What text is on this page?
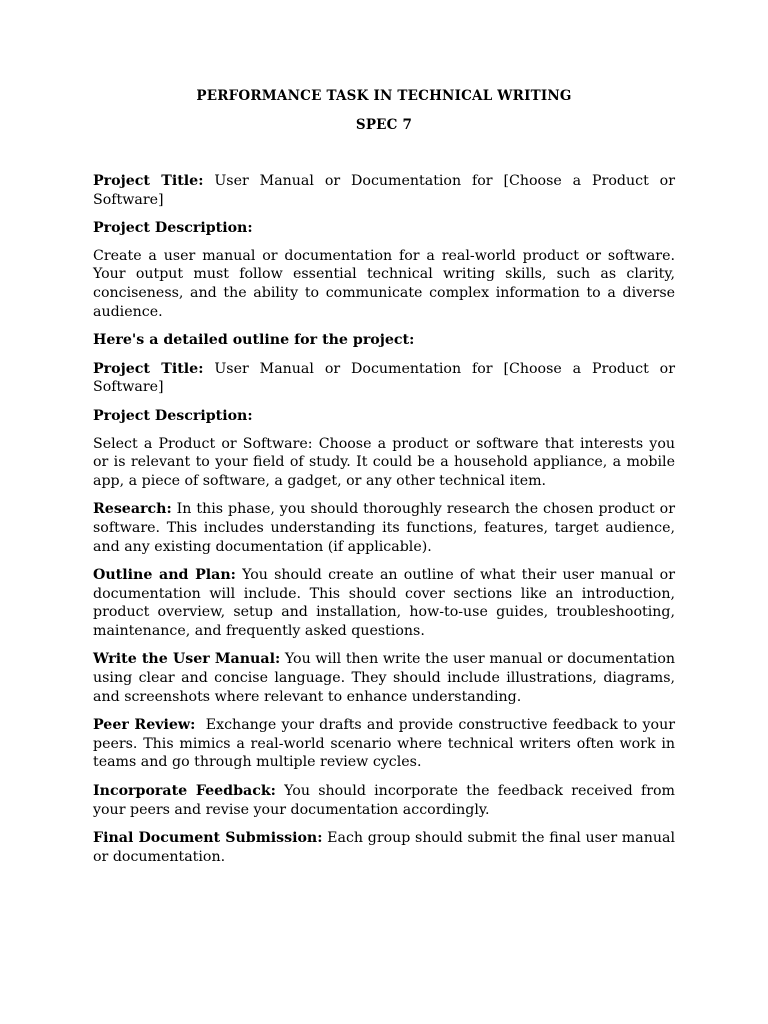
PERFORMANCE TASK IN TECHNICAL WRITING
SPEC 7

Project Title: User Manual or Documentation for [Choose a Product or Software]

Project Description:

Create a user manual or documentation for a real-world product or software. Your output must follow essential technical writing skills, such as clarity, conciseness, and the ability to communicate complex information to a diverse audience.

Here's a detailed outline for the project:

Project Title: User Manual or Documentation for [Choose a Product or Software]

Project Description:

Select a Product or Software: Choose a product or software that interests you or is relevant to your field of study. It could be a household appliance, a mobile app, a piece of software, a gadget, or any other technical item.

Research: In this phase, you should thoroughly research the chosen product or software. This includes understanding its functions, features, target audience, and any existing documentation (if applicable).

Outline and Plan: You should create an outline of what their user manual or documentation will include. This should cover sections like an introduction, product overview, setup and installation, how-to-use guides, troubleshooting, maintenance, and frequently asked questions.

Write the User Manual: You will then write the user manual or documentation using clear and concise language. They should include illustrations, diagrams, and screenshots where relevant to enhance understanding.

Peer Review:  Exchange your drafts and provide constructive feedback to your peers. This mimics a real-world scenario where technical writers often work in teams and go through multiple review cycles.

Incorporate Feedback: You should incorporate the feedback received from your peers and revise your documentation accordingly.

Final Document Submission: Each group should submit the final user manual or documentation.
